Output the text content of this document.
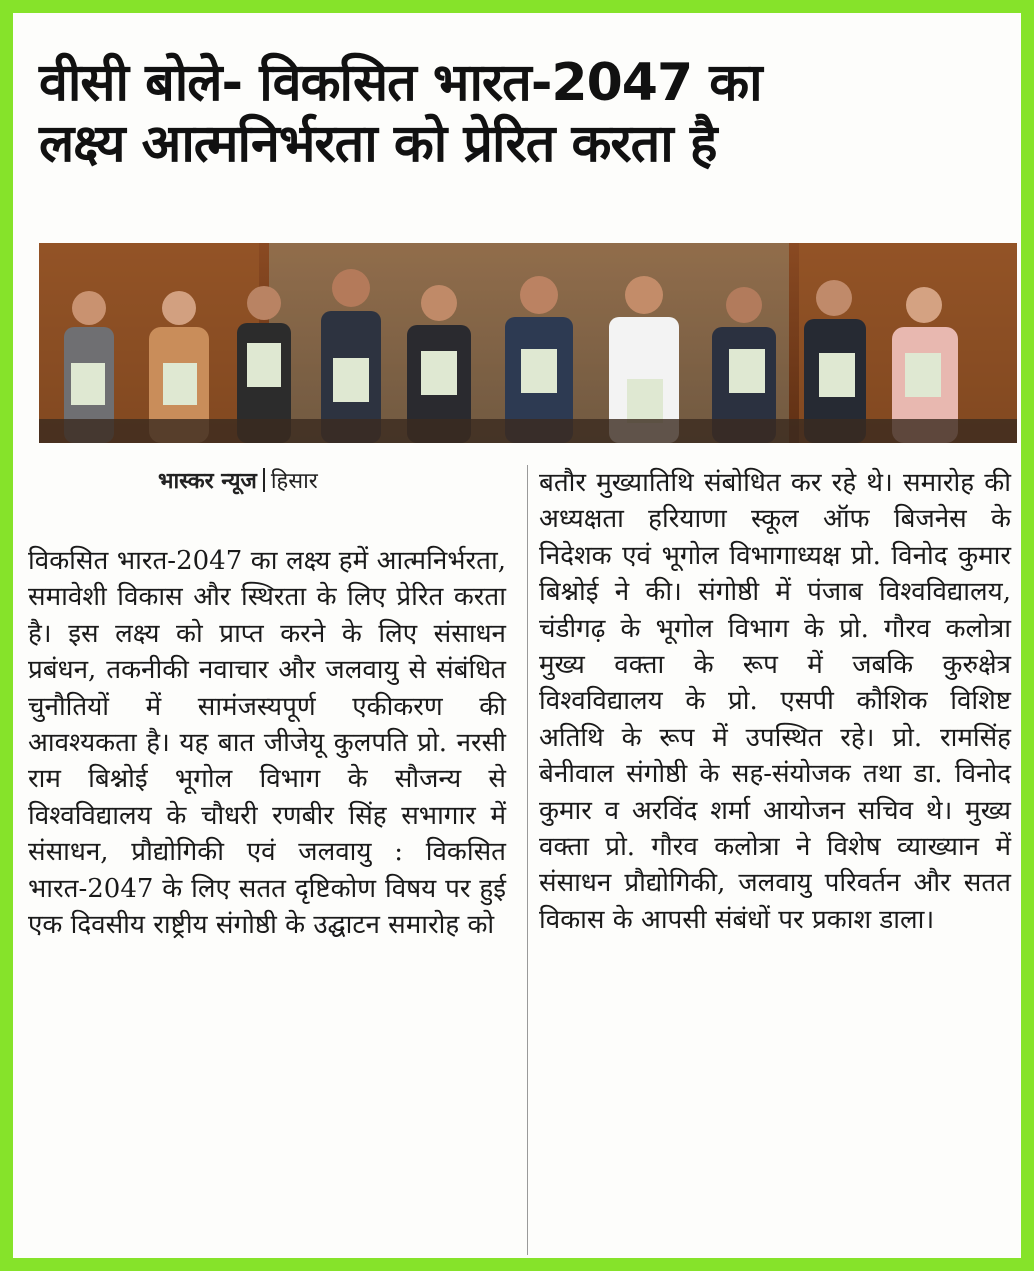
वीसी बोले- विकसित भारत-2047 का
लक्ष्य आत्मनिर्भरता को प्रेरित करता है
भास्कर न्यूज हिसार

विकसित भारत-2047 का लक्ष्य हमें आत्मनिर्भरता, समावेशी विकास और स्थिरता के लिए प्रेरित करता है। इस लक्ष्य को प्राप्त करने के लिए संसाधन प्रबंधन, तकनीकी नवाचार और जलवायु से संबंधित चुनौतियों में सामंजस्यपूर्ण एकीकरण की आवश्यकता है। यह बात जीजेयू कुलपति प्रो. नरसी राम बिश्नोई भूगोल विभाग के सौजन्य से विश्वविद्यालय के चौधरी रणबीर सिंह सभागार में संसाधन, प्रौद्योगिकी एवं जलवायु : विकसित भारत-2047 के लिए सतत दृष्टिकोण विषय पर हुई एक दिवसीय राष्ट्रीय संगोष्ठी के उद्घाटन समारोह को

बतौर मुख्यातिथि संबोधित कर रहे थे। समारोह की अध्यक्षता हरियाणा स्कूल ऑफ बिजनेस के निदेशक एवं भूगोल विभागाध्यक्ष प्रो. विनोद कुमार बिश्नोई ने की। संगोष्ठी में पंजाब विश्वविद्यालय, चंडीगढ़ के भूगोल विभाग के प्रो. गौरव कलोत्रा मुख्य वक्ता के रूप में जबकि कुरुक्षेत्र विश्वविद्यालय के प्रो. एसपी कौशिक विशिष्ट अतिथि के रूप में उपस्थित रहे। प्रो. रामसिंह बेनीवाल संगोष्ठी के सह-संयोजक तथा डा. विनोद कुमार व अरविंद शर्मा आयोजन सचिव थे। मुख्य वक्ता प्रो. गौरव कलोत्रा ने विशेष व्याख्यान में संसाधन प्रौद्योगिकी, जलवायु परिवर्तन और सतत विकास के आपसी संबंधों पर प्रकाश डाला।
